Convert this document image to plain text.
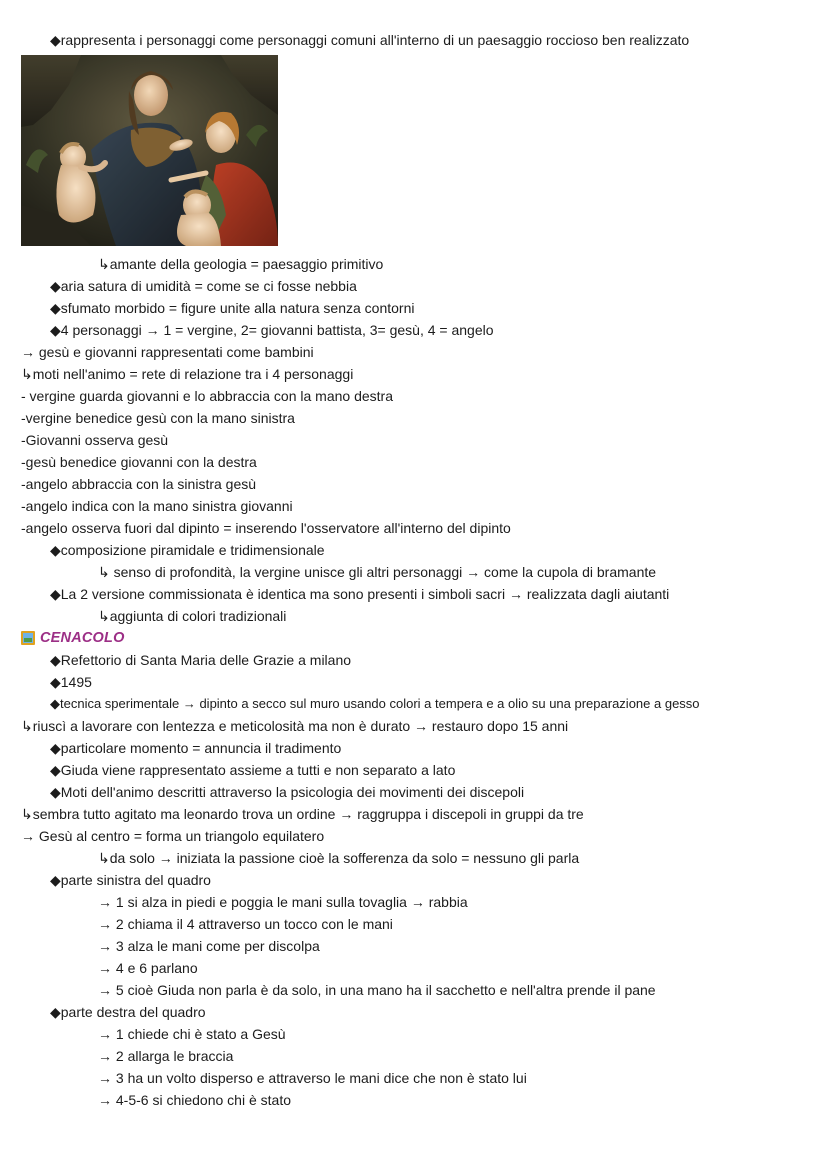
◆rappresenta i personaggi come personaggi comuni all'interno di un paesaggio roccioso ben realizzato
↳amante della geologia = paesaggio primitivo
◆aria satura di umidità = come se ci fosse nebbia
◆sfumato morbido = figure unite alla natura senza contorni
◆4 personaggi → 1 = vergine, 2= giovanni battista, 3= gesù, 4 = angelo
→ gesù e giovanni rappresentati come bambini
↳moti nell'animo = rete di relazione tra i 4 personaggi
- vergine guarda giovanni e lo abbraccia con la mano destra
-vergine benedice gesù con la mano sinistra
-Giovanni osserva gesù
-gesù benedice giovanni con la destra
-angelo abbraccia con la sinistra gesù
-angelo indica con la mano sinistra giovanni
-angelo osserva fuori dal dipinto = inserendo l'osservatore all'interno del dipinto
◆composizione piramidale e tridimensionale
↳ senso di profondità, la vergine unisce gli altri personaggi → come la cupola di bramante
◆La 2 versione commissionata è identica ma sono presenti i simboli sacri → realizzata dagli aiutanti
↳aggiunta di colori tradizionali
CENACOLO
◆Refettorio di Santa Maria delle Grazie a milano
◆1495
◆tecnica sperimentale → dipinto a secco sul muro usando colori a tempera e a olio su una preparazione a gesso
↳riuscì a lavorare con lentezza e meticolosità ma non è durato → restauro dopo 15 anni
◆particolare momento = annuncia il tradimento
◆Giuda viene rappresentato assieme a tutti e non separato a lato
◆Moti dell'animo descritti attraverso la psicologia dei movimenti dei discepoli
↳sembra tutto agitato ma leonardo trova un ordine → raggruppa i discepoli in gruppi da tre
→ Gesù al centro = forma un triangolo equilatero
↳da solo → iniziata la passione cioè la sofferenza da solo = nessuno gli parla
◆parte sinistra del quadro
→ 1 si alza in piedi e poggia le mani sulla tovaglia → rabbia
→ 2 chiama il 4 attraverso un tocco con le mani
→ 3 alza le mani come per discolpa
→ 4 e 6 parlano
→ 5 cioè Giuda non parla è da solo, in una mano ha il sacchetto e nell'altra prende il pane
◆parte destra del quadro
→ 1 chiede chi è stato a Gesù
→ 2 allarga le braccia
→ 3 ha un volto disperso e attraverso le mani dice che non è stato lui
→ 4-5-6 si chiedono chi è stato
